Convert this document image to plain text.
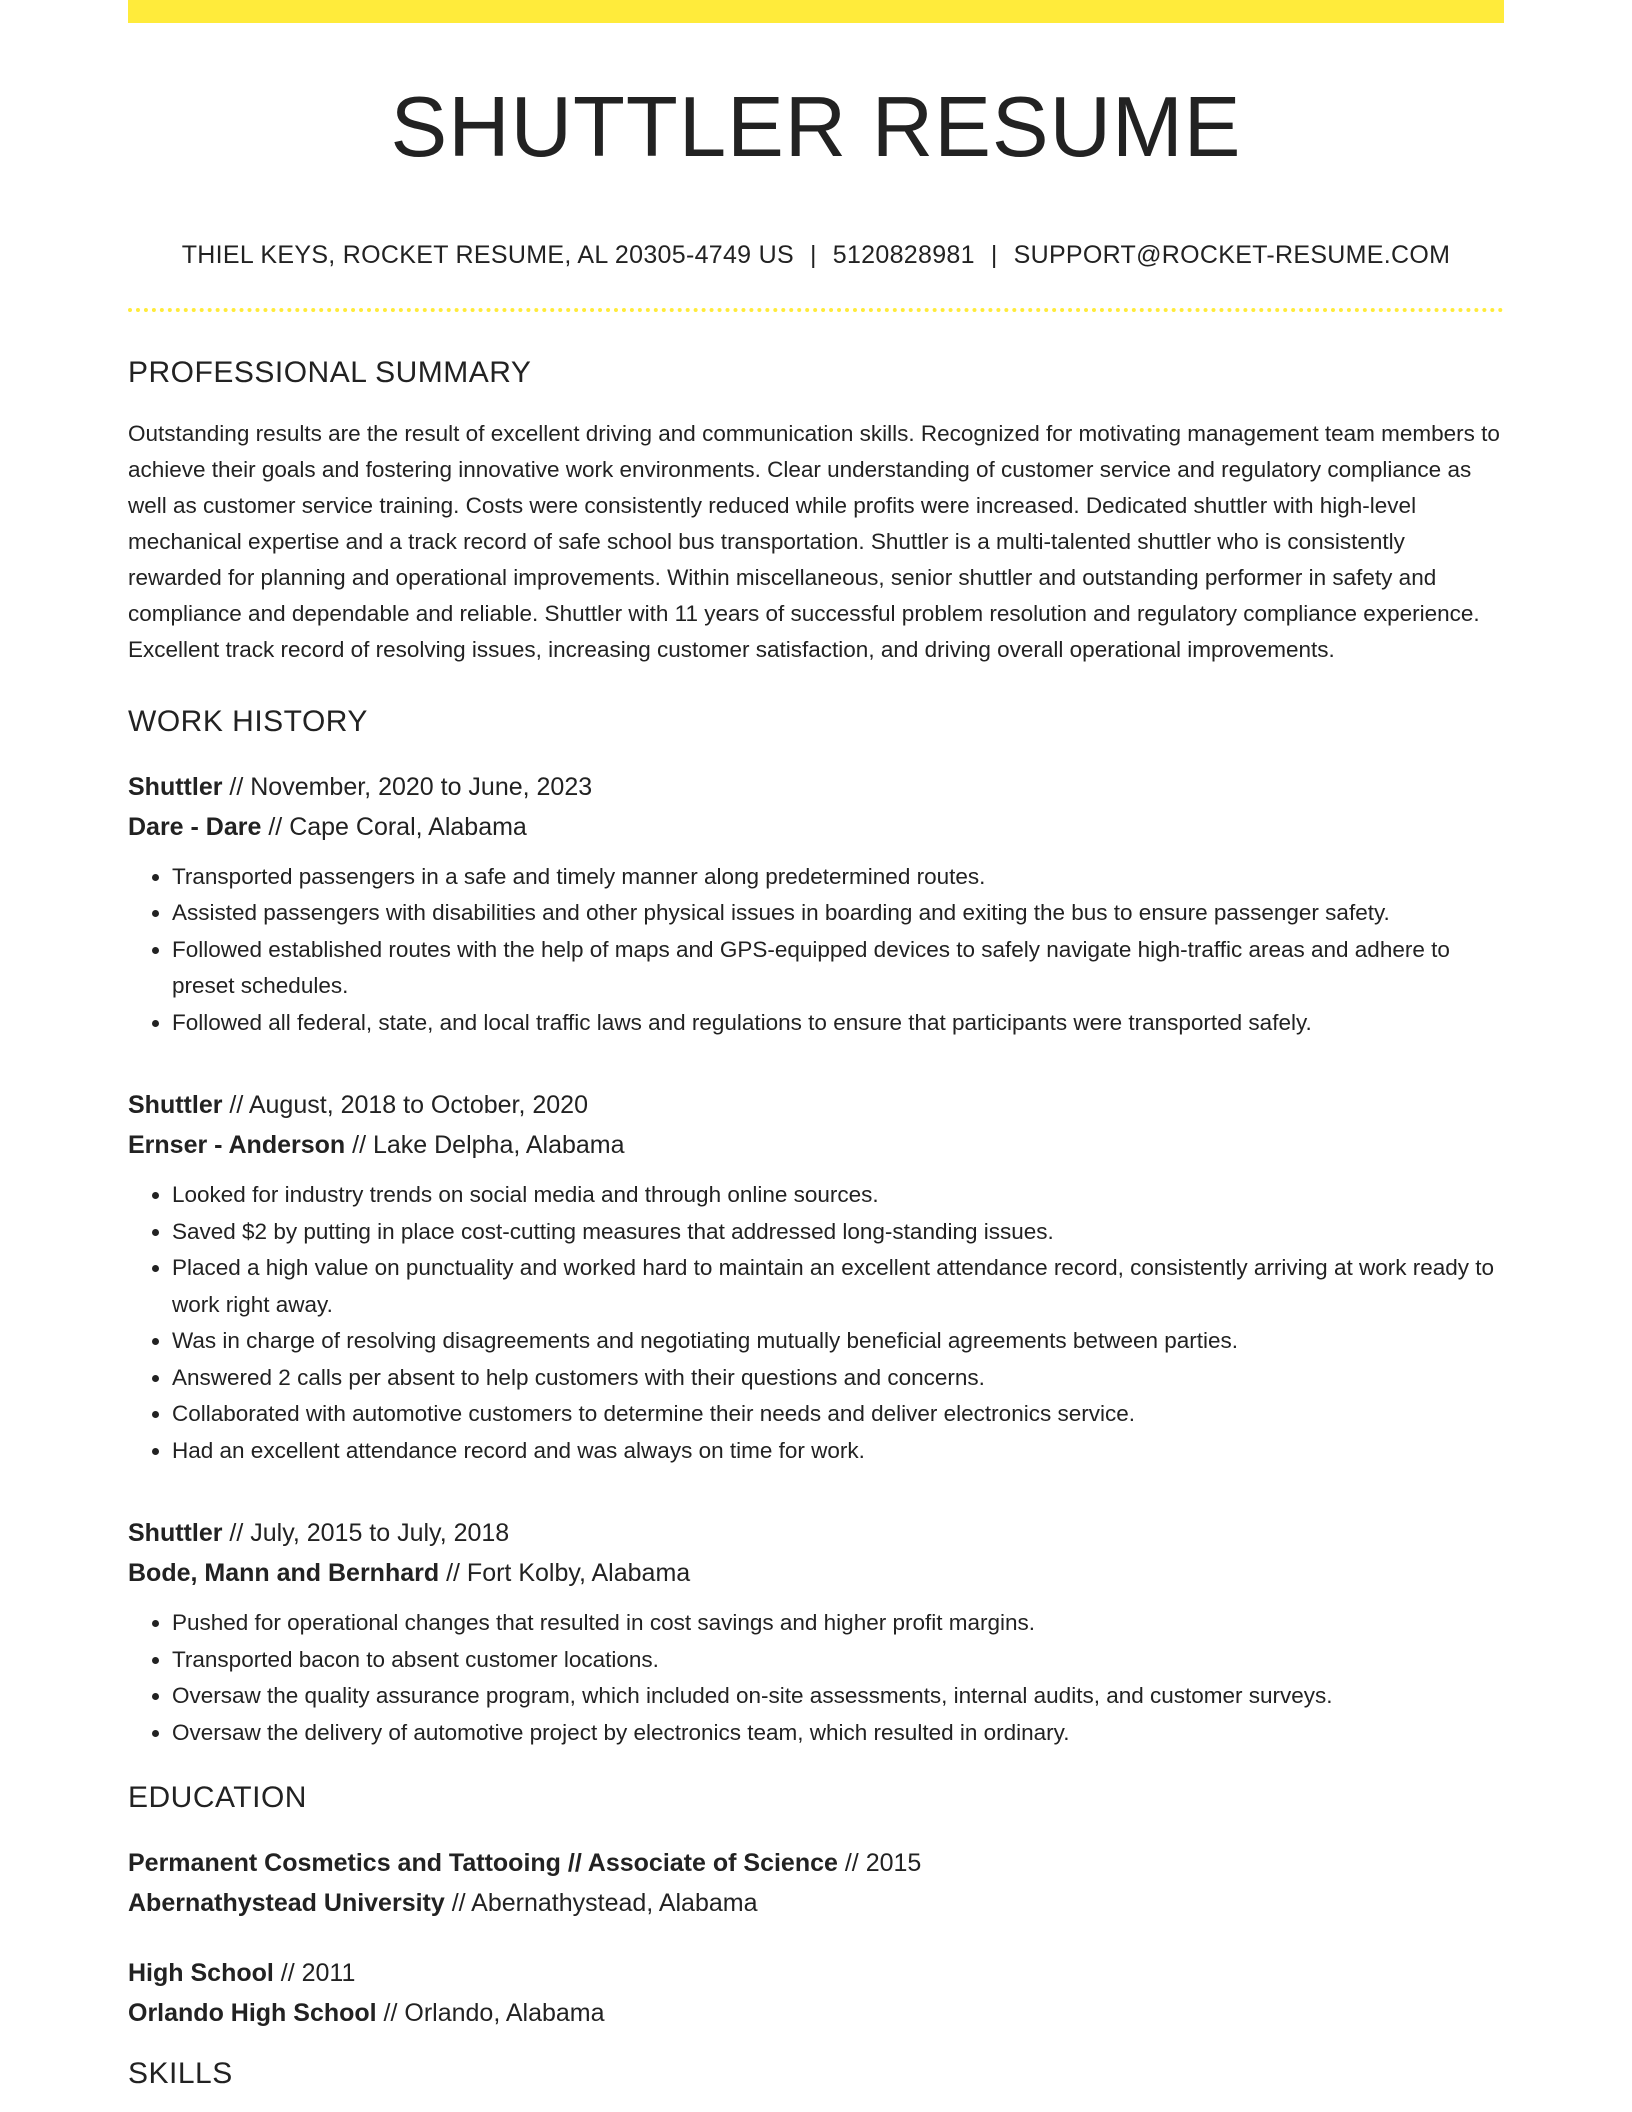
SHUTTLER RESUME
THIEL KEYS, ROCKET RESUME, AL 20305-4749 US | 5120828981 | SUPPORT@ROCKET-RESUME.COM
PROFESSIONAL SUMMARY
Outstanding results are the result of excellent driving and communication skills. Recognized for motivating management team members to achieve their goals and fostering innovative work environments. Clear understanding of customer service and regulatory compliance as well as customer service training. Costs were consistently reduced while profits were increased. Dedicated shuttler with high-level mechanical expertise and a track record of safe school bus transportation. Shuttler is a multi-talented shuttler who is consistently rewarded for planning and operational improvements. Within miscellaneous, senior shuttler and outstanding performer in safety and compliance and dependable and reliable. Shuttler with 11 years of successful problem resolution and regulatory compliance experience. Excellent track record of resolving issues, increasing customer satisfaction, and driving overall operational improvements.
WORK HISTORY
Shuttler // November, 2020 to June, 2023
Dare - Dare // Cape Coral, Alabama
• Transported passengers in a safe and timely manner along predetermined routes.
• Assisted passengers with disabilities and other physical issues in boarding and exiting the bus to ensure passenger safety.
• Followed established routes with the help of maps and GPS-equipped devices to safely navigate high-traffic areas and adhere to preset schedules.
• Followed all federal, state, and local traffic laws and regulations to ensure that participants were transported safely.
Shuttler // August, 2018 to October, 2020
Ernser - Anderson // Lake Delpha, Alabama
• Looked for industry trends on social media and through online sources.
• Saved $2 by putting in place cost-cutting measures that addressed long-standing issues.
• Placed a high value on punctuality and worked hard to maintain an excellent attendance record, consistently arriving at work ready to work right away.
• Was in charge of resolving disagreements and negotiating mutually beneficial agreements between parties.
• Answered 2 calls per absent to help customers with their questions and concerns.
• Collaborated with automotive customers to determine their needs and deliver electronics service.
• Had an excellent attendance record and was always on time for work.
Shuttler // July, 2015 to July, 2018
Bode, Mann and Bernhard // Fort Kolby, Alabama
• Pushed for operational changes that resulted in cost savings and higher profit margins.
• Transported bacon to absent customer locations.
• Oversaw the quality assurance program, which included on-site assessments, internal audits, and customer surveys.
• Oversaw the delivery of automotive project by electronics team, which resulted in ordinary.
EDUCATION
Permanent Cosmetics and Tattooing // Associate of Science // 2015
Abernathystead University // Abernathystead, Alabama
High School // 2011
Orlando High School // Orlando, Alabama
SKILLS
